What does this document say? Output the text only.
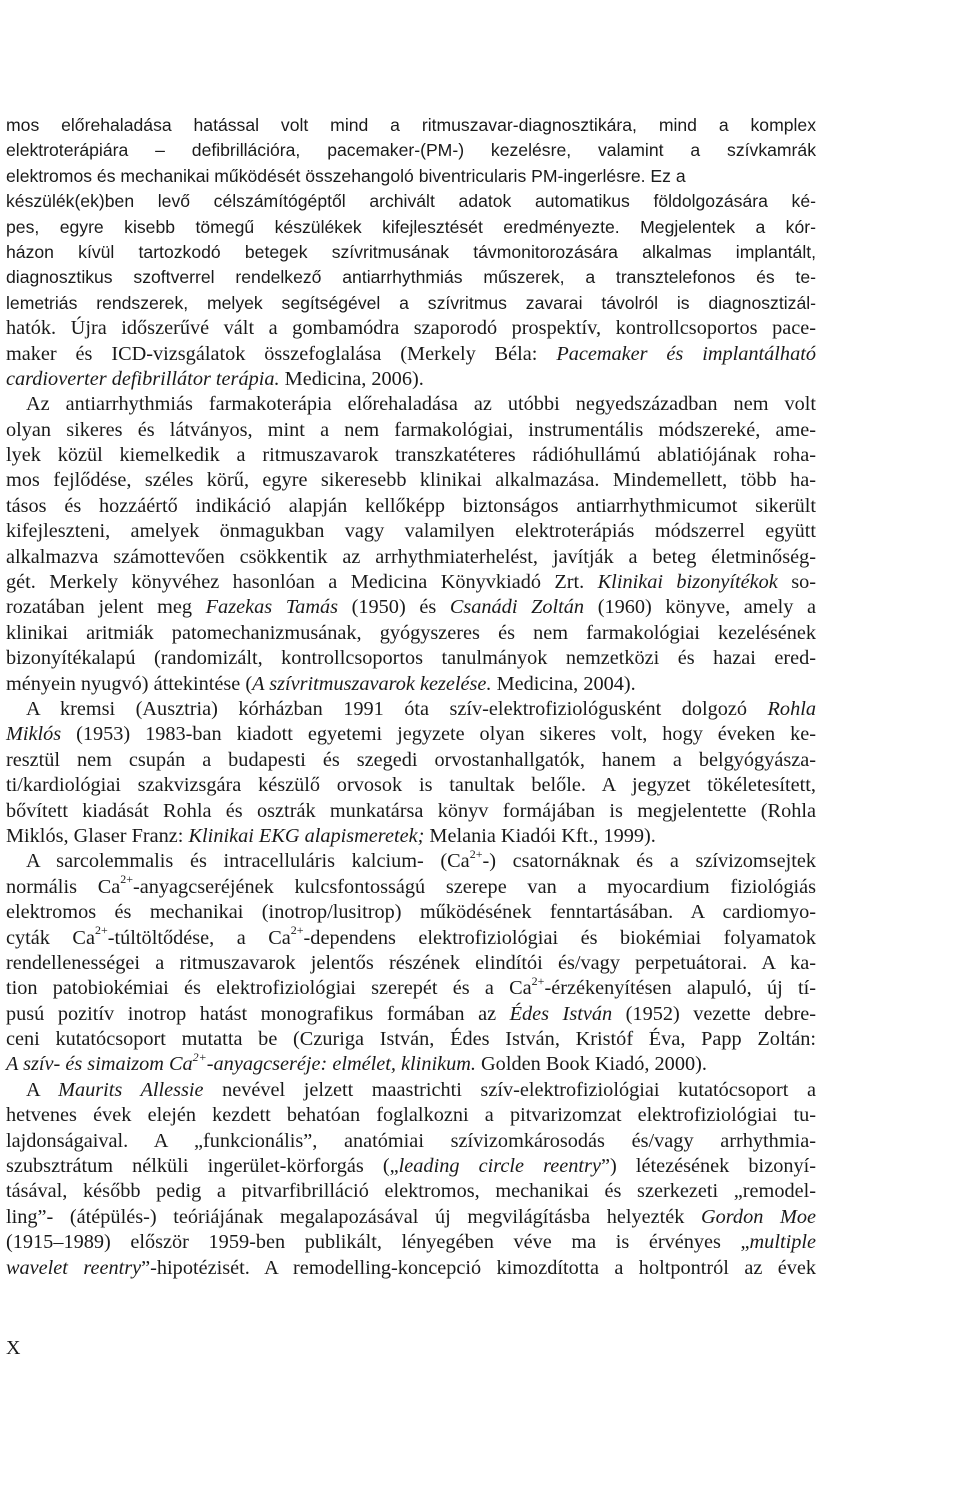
mos előrehaladása hatással volt mind a ritmuszavar-diagnosztikára, mind a komplex
elektroterápiára – defibrillációra, pacemaker-(PM-) kezelésre, valamint a szívkamrák
elektromos és mechanikai működését összehangoló biventricularis PM-ingerlésre. Ez a
készülék(ek)ben levő célszámítógéptől archivált adatok automatikus földolgozására ké-
pes, egyre kisebb tömegű készülékek kifejlesztését eredményezte. Megjelentek a kór-
házon kívül tartozkodó betegek szívritmusának távmonitorozására alkalmas implantált,
diagnosztikus szoftverrel rendelkező antiarrhythmiás műszerek, a transztelefonos és te-
lemetriás rendszerek, melyek segítségével a szívritmus zavarai távolról is diagnosztizál-
hatók. Újra időszerűvé vált a gombamódra szaporodó prospektív, kontrollcsoportos pace-
maker és ICD-vizsgálatok összefoglalása (Merkely Béla: Pacemaker és implantálható
cardioverter defibrillátor terápia. Medicina, 2006).
Az antiarrhythmiás farmakoterápia előrehaladása az utóbbi negyedszázadban nem volt
olyan sikeres és látványos, mint a nem farmakológiai, instrumentális módszereké, ame-
lyek közül kiemelkedik a ritmuszavarok transzkatéteres rádióhullámú ablatiójának roha-
mos fejlődése, széles körű, egyre sikeresebb klinikai alkalmazása. Mindemellett, több ha-
tásos és hozzáértő indikáció alapján kellőképp biztonságos antiarrhythmicumot sikerült
kifejleszteni, amelyek önmagukban vagy valamilyen elektroterápiás módszerrel együtt
alkalmazva számottevően csökkentik az arrhythmiaterhelést, javítják a beteg életminőség-
gét. Merkely könyvéhez hasonlóan a Medicina Könyvkiadó Zrt. Klinikai bizonyítékok so-
rozatában jelent meg Fazekas Tamás (1950) és Csanádi Zoltán (1960) könyve, amely a
klinikai aritmiák patomechanizmusának, gyógyszeres és nem farmakológiai kezelésének
bizonyítékalapú (randomizált, kontrollcsoportos tanulmányok nemzetközi és hazai ered-
ményein nyugvó) áttekintése (A szívritmuszavarok kezelése. Medicina, 2004).
A kremsi (Ausztria) kórházban 1991 óta szív-elektrofiziológusként dolgozó Rohla
Miklós (1953) 1983-ban kiadott egyetemi jegyzete olyan sikeres volt, hogy éveken ke-
resztül nem csupán a budapesti és szegedi orvostanhallgatók, hanem a belgyógyásza-
ti/kardiológiai szakvizsgára készülő orvosok is tanultak belőle. A jegyzet tökéletesített,
bővített kiadását Rohla és osztrák munkatársa könyv formájában is megjelentette (Rohla
Miklós, Glaser Franz: Klinikai EKG alapismeretek; Melania Kiadói Kft., 1999).
A sarcolemmalis és intracelluláris kalcium- $(Ca^{2+}-)$ csatornáknak és a szívizomsejtek
normális $Ca^{2+}$-anyagcseréjének kulcsfontosságú szerepe van a myocardium fiziológiás
elektromos és mechanikai (inotrop/lusitrop) működésének fenntartásában. A cardiomyo-
cyták $Ca^{2+}$-túltöltődése, a $Ca^{2+}$-dependens elektrofiziológiai és biokémiai folyamatok
rendellenességei a ritmuszavarok jelentős részének elindítói és/vagy perpetuátorai. A ka-
tion patobiokémiai és elektrofiziológiai szerepét és a $Ca^{2+}$-érzékenyítésen alapuló, új tí-
pusú pozitív inotrop hatást monografikus formában az Édes István (1952) vezette debre-
ceni kutatócsoport mutatta be (Czuriga István, Édes István, Kristóf Éva, Papp Zoltán:
A szív- és simaizom $Ca^{2+}$-anyagcseréje: elmélet, klinikum. Golden Book Kiadó, 2000).
A Maurits Allessie nevével jelzett maastrichti szív-elektrofiziológiai kutatócsoport a
hetvenes évek elején kezdett behatóan foglalkozni a pitvarizomzat elektrofiziológiai tu-
lajdonságaival. A „funkcionális”, anatómiai szívizomkárosodás és/vagy arrhythmia-
szubsztrátum nélküli ingerület-körforgás („leading circle reentry”) létezésének bizonyí-
tásával, később pedig a pitvarfibrilláció elektromos, mechanikai és szerkezeti „remodel-
ling”- (átépülés-) teóriájának megalapozásával új megvilágításba helyezték Gordon Moe
(1915–1989) először 1959-ben publikált, lényegében véve ma is érvényes „multiple
wavelet reentry”-hipotézisét. A remodelling-koncepció kimozdította a holtpontról az évek
X
